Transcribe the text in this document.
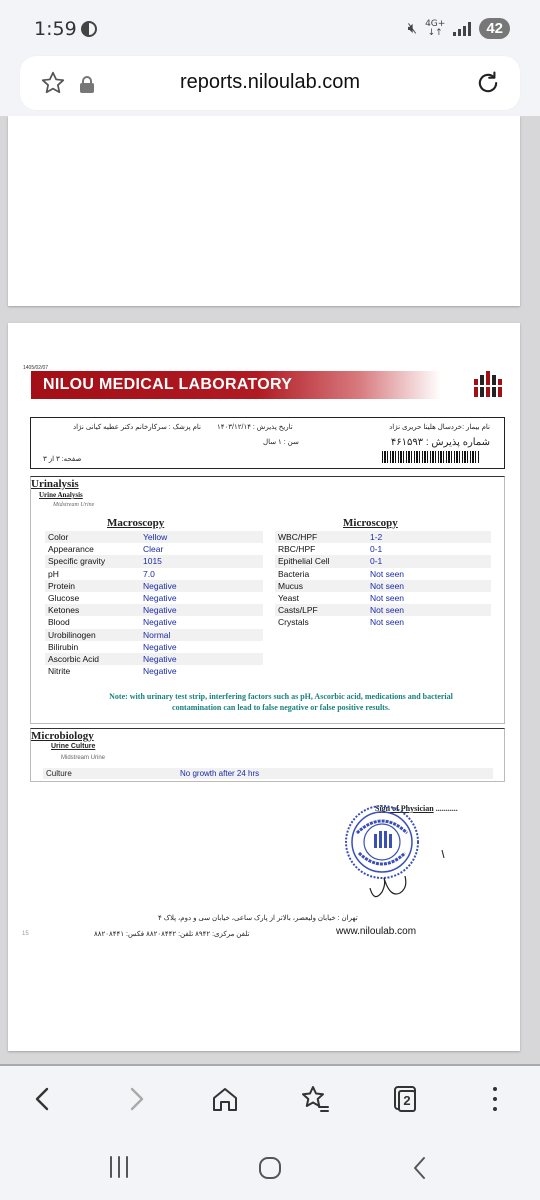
1:59	🔇︎ 4G+
↓↑	42
reports.niloulab.com
1405/02/07
NILOU MEDICAL LABORATORY
نام بیمار :خردسال هلینا حریری نژاد
تاریخ پذیرش : ۱۴۰۳/۱۲/۱۴
نام پزشک : سرکارخانم دکتر عطیه کیانی نژاد
سن : ۱ سال	شماره پذیرش : ۴۶۱۵۹۳
صفحه: ۳ از ۳
Urinalysis
Urine Analysis
Midstream Urine
Macroscopy	Microscopy
Color	Yellow
Appearance	Clear
Specific gravity	1015
pH	7.0
Protein	Negative
Glucose	Negative
Ketones	Negative
Blood	Negative
Urobilinogen	Normal
Bilirubin	Negative
Ascorbic Acid	Negative
Nitrite	Negative
WBC/HPF	1-2
RBC/HPF	0-1
Epithelial Cell	0-1
Bacteria	Not seen
Mucus	Not seen
Yeast	Not seen
Casts/LPF	Not seen
Crystals	Not seen
Note: with urinary test strip, interfering factors such as pH, Ascorbic acid, medications and bacterial contamination can lead to false negative or false positive results.
Microbiology
Urine Culture
Midstream Urine
Culture	No growth after 24 hrs
Sign of Physician ...........
تهران : خیابان ولیعصر، بالاتر از پارک ساعی، خیابان سی و دوم، پلاک ۴
تلفن مرکزی: ۸۹۴۲ تلفن: ۸۸۲۰۸۴۴۲ فکس: ۸۸۲۰۸۴۴۱	www.niloulab.com
15
2
